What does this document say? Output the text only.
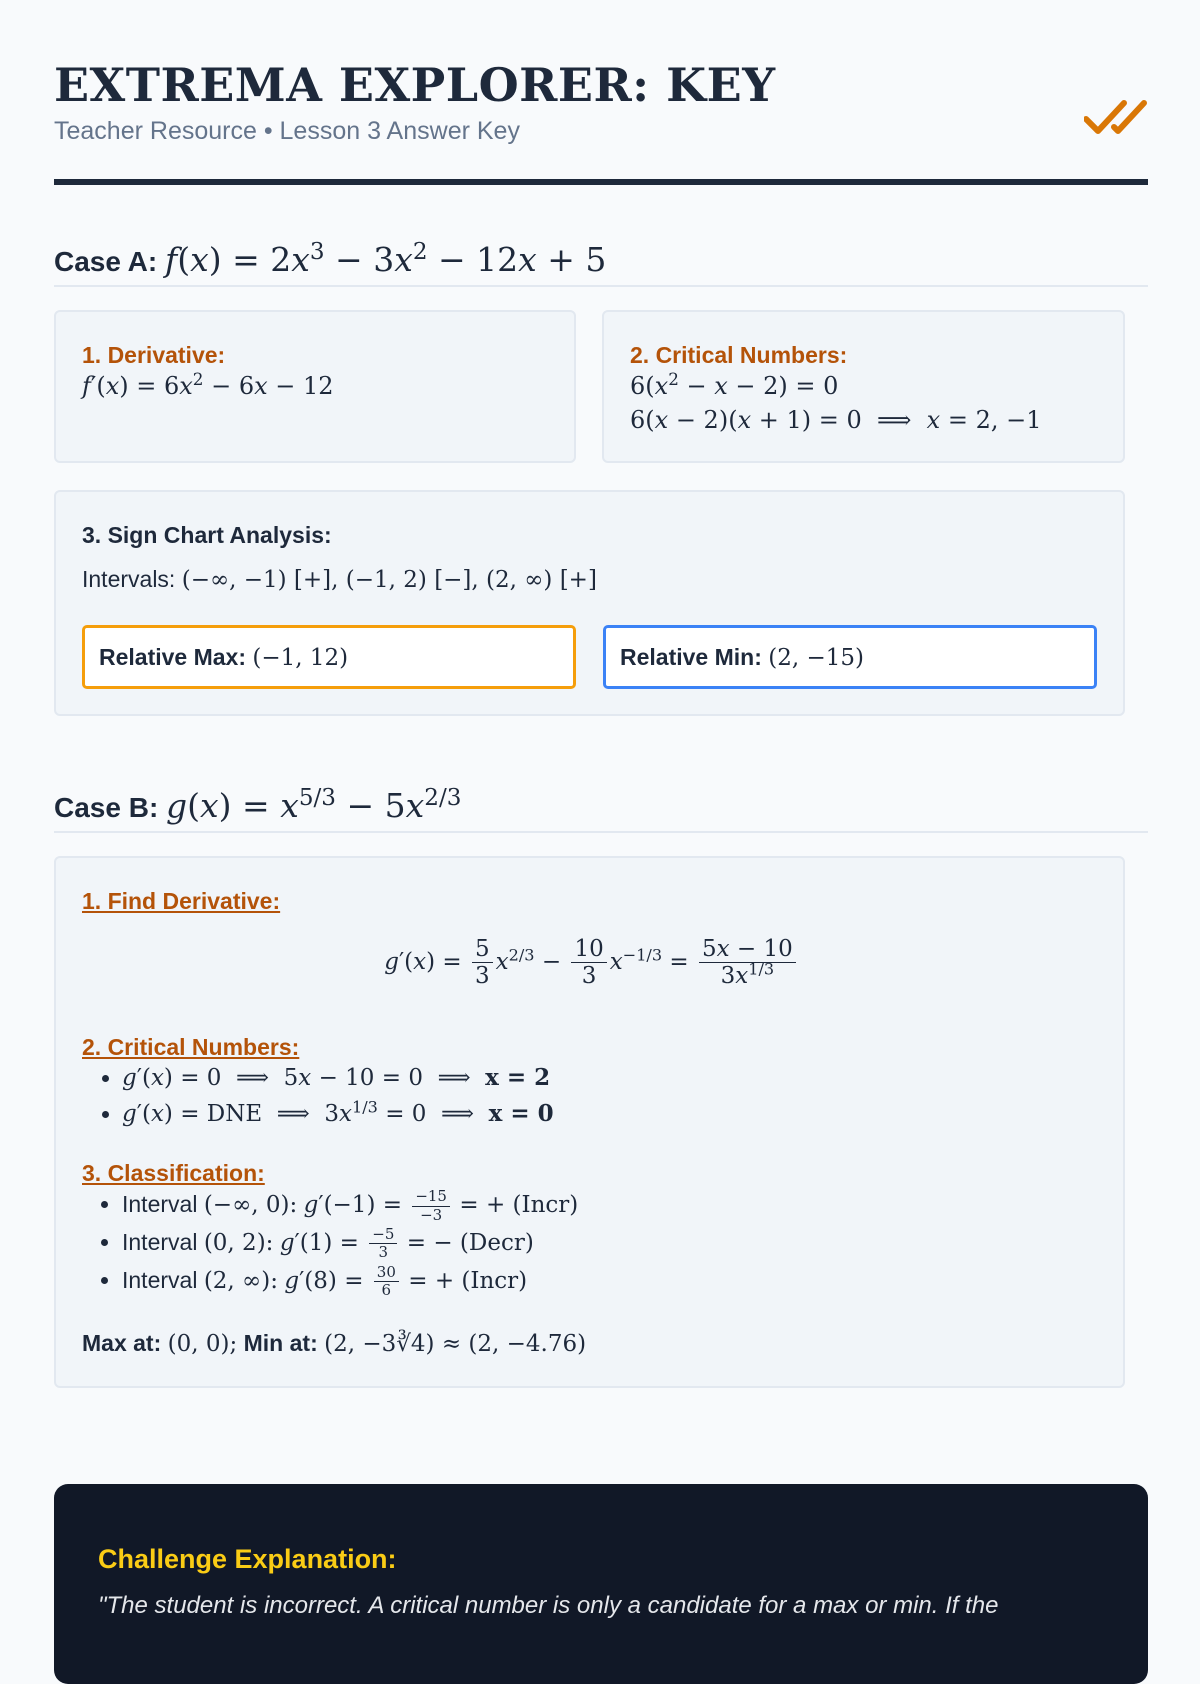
EXTREMA EXPLORER: KEY
Teacher Resource • Lesson 3 Answer Key
Case A: $f(x) = 2x^3 - 3x^2 - 12x + 5$
1. Derivative:
$f'(x) = 6x^2 - 6x - 12$
2. Critical Numbers:
$6(x^2 - x - 2) = 0$
6(x − 2)(x + 1) = 0  ⟹  x = 2, −1
3. Sign Chart Analysis:
Intervals: (−∞, −1) [+], (−1, 2) [−], (2, ∞) [+]
Relative Max: (−1, 12)	Relative Min: (2, −15)
Case B: $g(x) = x^{5/3} - 5x^{2/3}$
1. Find Derivative:
$g'(x) = \frac{5}{3} x^{2/3} - \frac{10}{3} x^{-1/3} = \frac{5x - 10}{3x^{1/3}}$
2. Critical Numbers:
• g′(x) = 0  ⟹  5x − 10 = 0  ⟹  x = 2
• g′(x) = DNE  ⟹  $3x^{1/3} = 0$  ⟹  x = 0
3. Classification:
• Interval (−∞, 0): $g'(-1) = \frac{-15}{-3}$ = + (Incr)
• Interval (0, 2): $g'(1) = \frac{-5}{3}$ = − (Decr)
• Interval (2, ∞): $g'(8) = \frac{30}{6}$ = + (Incr)
Max at: (0, 0); Min at: (2, −3∛4) ≈ (2, −4.76)
Challenge Explanation:
"The student is incorrect. A critical number is only a candidate for a max or min. If the
